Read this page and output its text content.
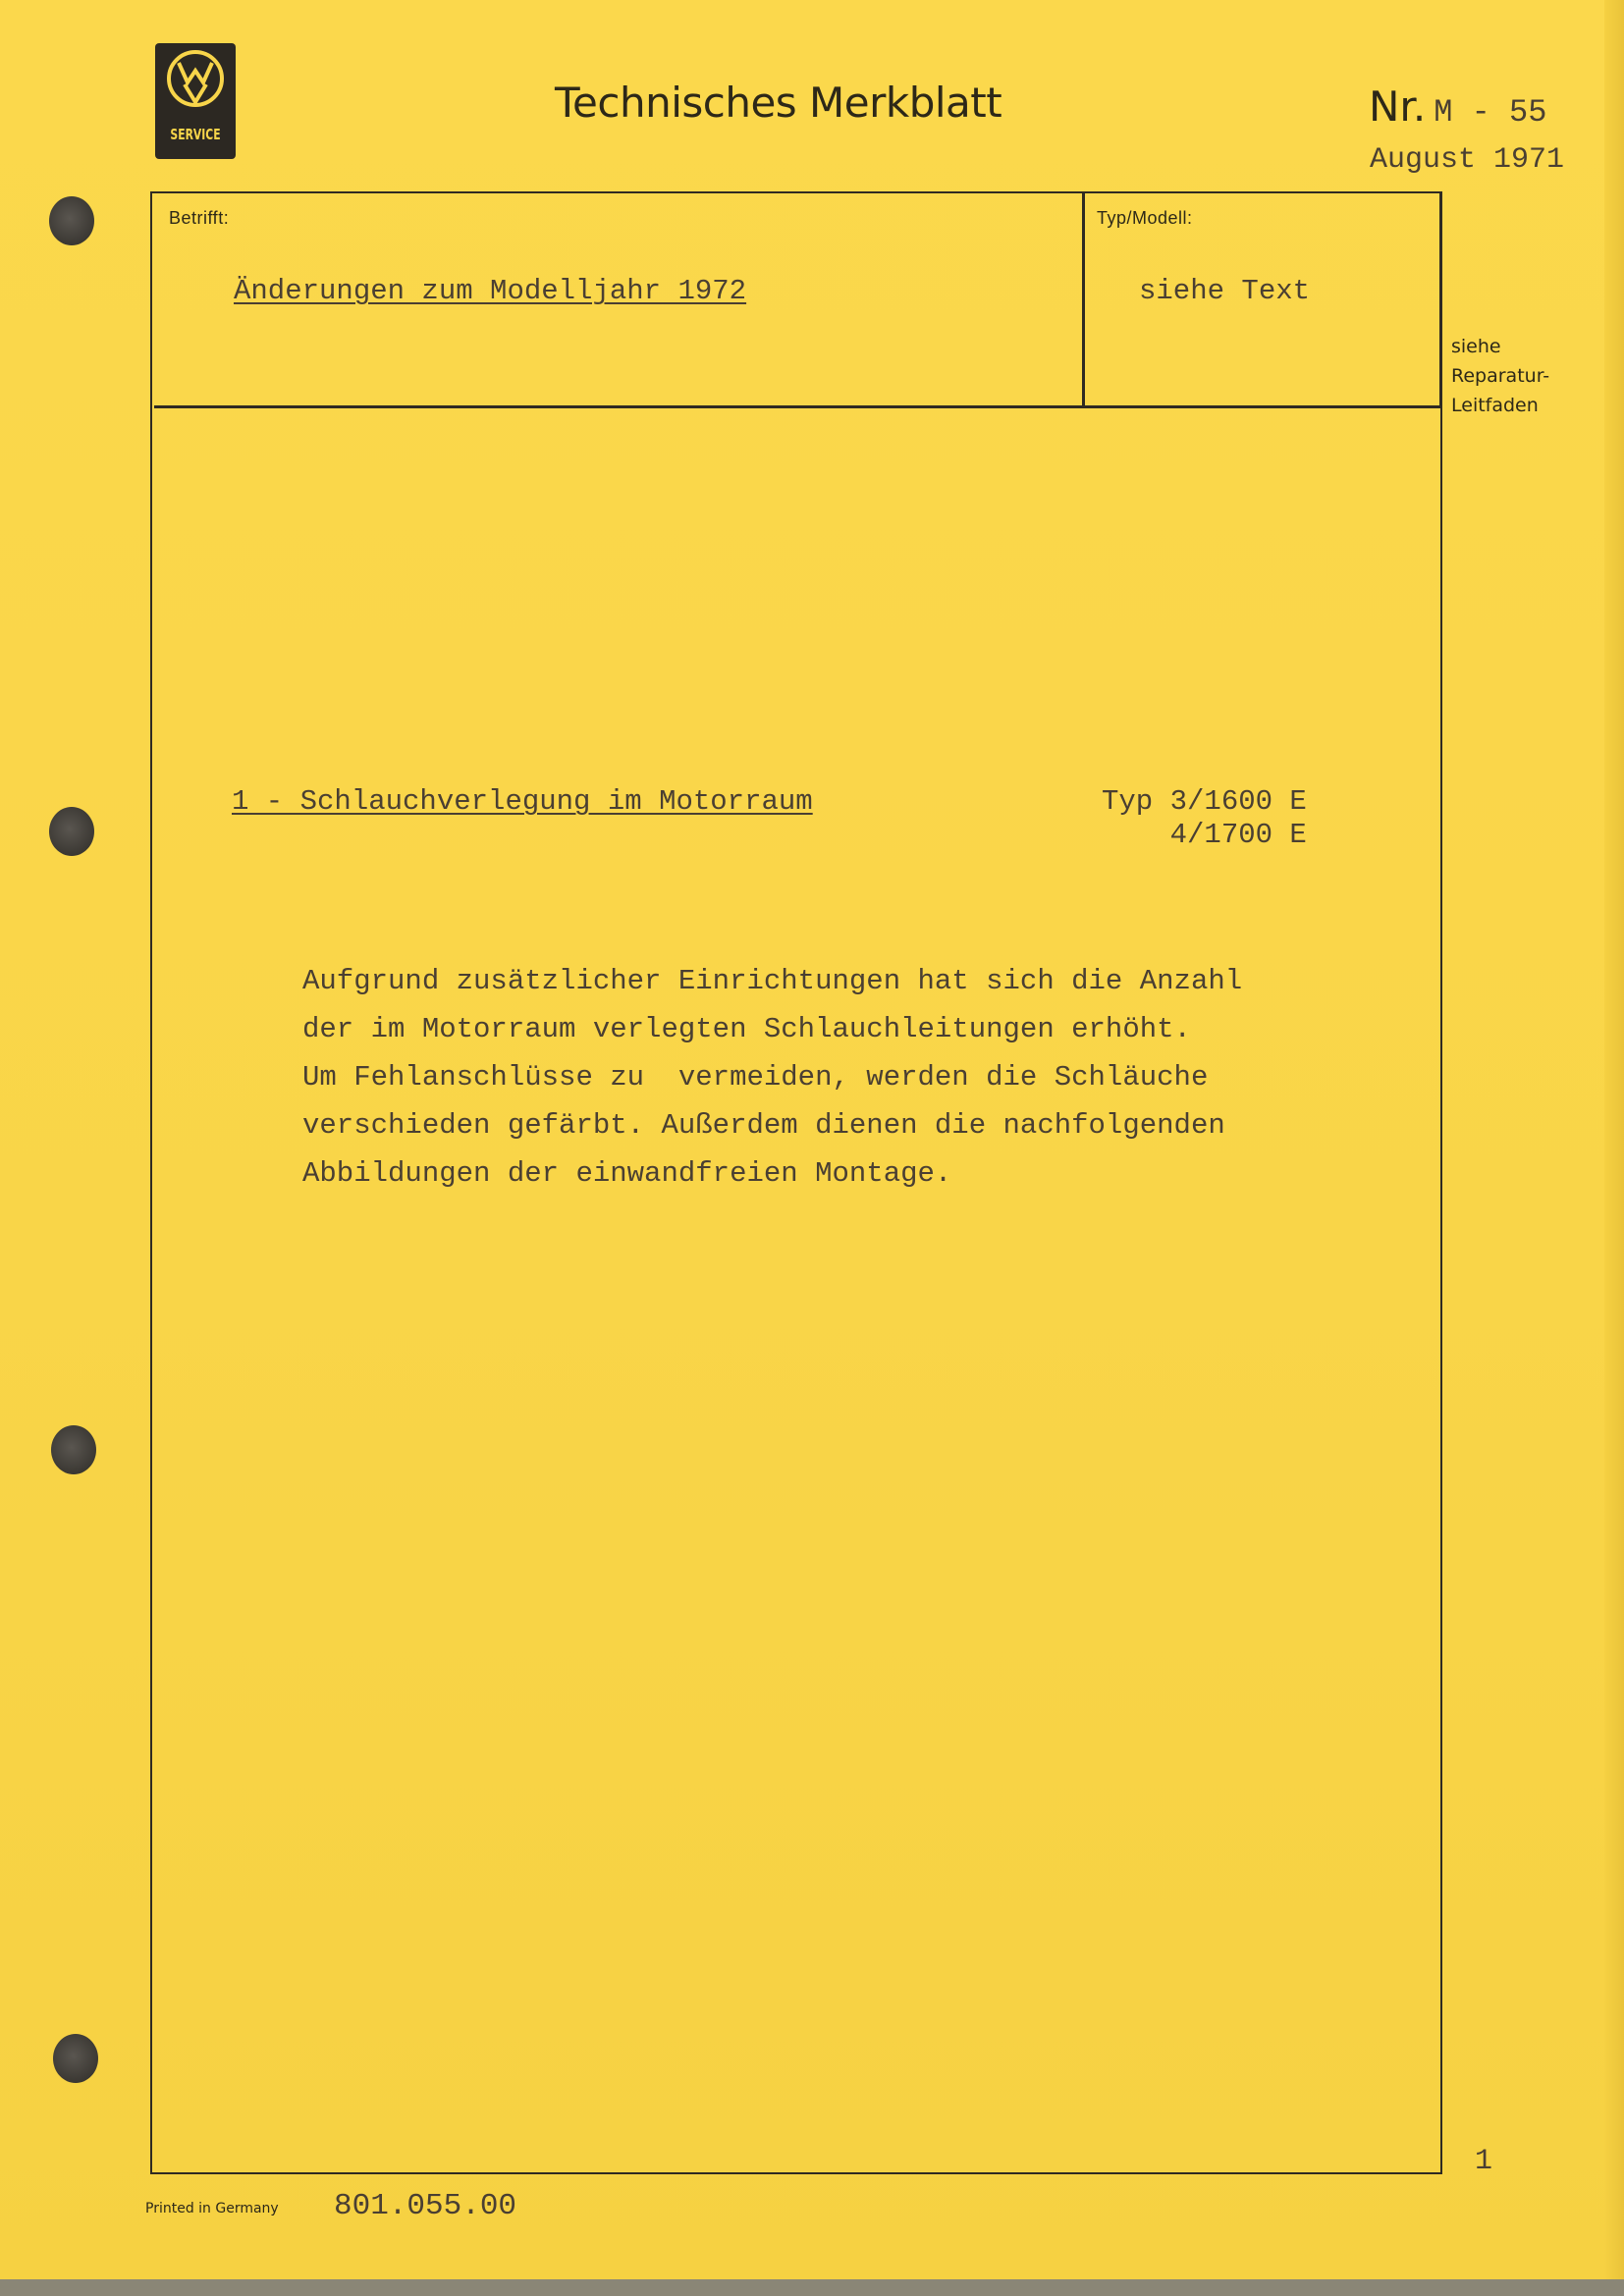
SERVICE
Technisches Merkblatt	Nr. M - 55
August 1971
Betrifft:	Typ/Modell:
Änderungen zum Modelljahr 1972	siehe Text
siehe
Reparatur-
Leitfaden
1 - Schlauchverlegung im Motorraum	Typ 3/1600 E
4/1700 E
Aufgrund zusätzlicher Einrichtungen hat sich die Anzahl
der im Motorraum verlegten Schlauchleitungen erhöht.
Um Fehlanschlüsse zu  vermeiden, werden die Schläuche
verschieden gefärbt. Außerdem dienen die nachfolgenden
Abbildungen der einwandfreien Montage.
1
Printed in Germany 801.055.00
